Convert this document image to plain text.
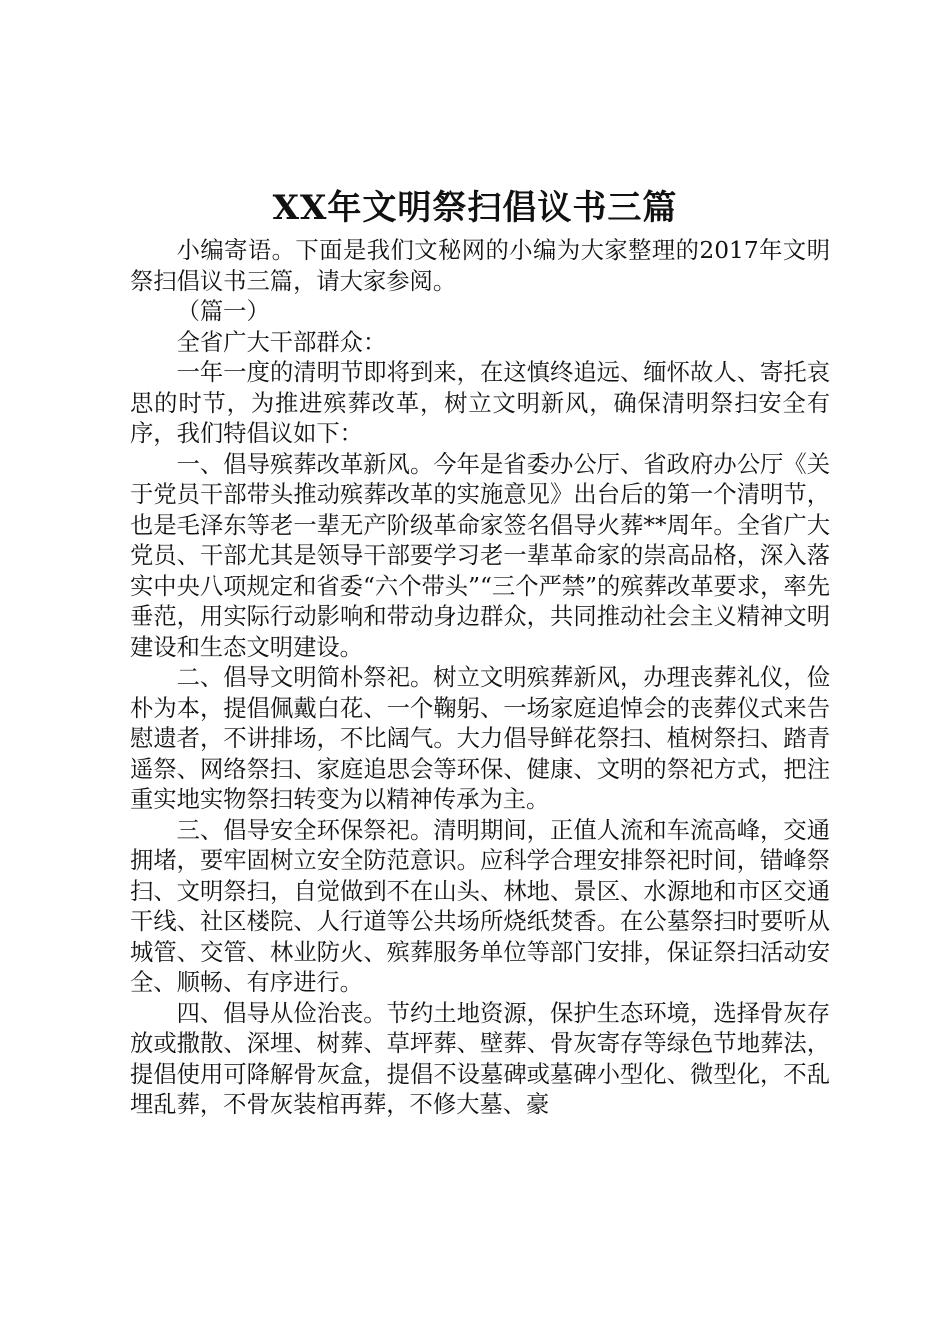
XX年文明祭扫倡议书三篇

小编寄语。下面是我们文秘网的小编为大家整理的2017年文明祭扫倡议书三篇，请大家参阅。

（篇一）

全省广大干部群众：

一年一度的清明节即将到来，在这慎终追远、缅怀故人、寄托哀思的时节，为推进殡葬改革，树立文明新风，确保清明祭扫安全有序，我们特倡议如下：

一、倡导殡葬改革新风。今年是省委办公厅、省政府办公厅《关于党员干部带头推动殡葬改革的实施意见》出台后的第一个清明节，也是毛泽东等老一辈无产阶级革命家签名倡导火葬**周年。全省广大党员、干部尤其是领导干部要学习老一辈革命家的崇高品格，深入落实中央八项规定和省委“六个带头”“三个严禁”的殡葬改革要求，率先垂范，用实际行动影响和带动身边群众，共同推动社会主义精神文明建设和生态文明建设。

二、倡导文明简朴祭祀。树立文明殡葬新风，办理丧葬礼仪，俭朴为本，提倡佩戴白花、一个鞠躬、一场家庭追悼会的丧葬仪式来告慰遗者，不讲排场，不比阔气。大力倡导鲜花祭扫、植树祭扫、踏青遥祭、网络祭扫、家庭追思会等环保、健康、文明的祭祀方式，把注重实地实物祭扫转变为以精神传承为主。

三、倡导安全环保祭祀。清明期间，正值人流和车流高峰，交通拥堵，要牢固树立安全防范意识。应科学合理安排祭祀时间，错峰祭扫、文明祭扫，自觉做到不在山头、林地、景区、水源地和市区交通干线、社区楼院、人行道等公共场所烧纸焚香。在公墓祭扫时要听从城管、交管、林业防火、殡葬服务单位等部门安排，保证祭扫活动安全、顺畅、有序进行。

四、倡导从俭治丧。节约土地资源，保护生态环境，选择骨灰存放或撒散、深埋、树葬、草坪葬、壁葬、骨灰寄存等绿色节地葬法，提倡使用可降解骨灰盒，提倡不设墓碑或墓碑小型化、微型化，不乱埋乱葬，不骨灰装棺再葬，不修大墓、豪
